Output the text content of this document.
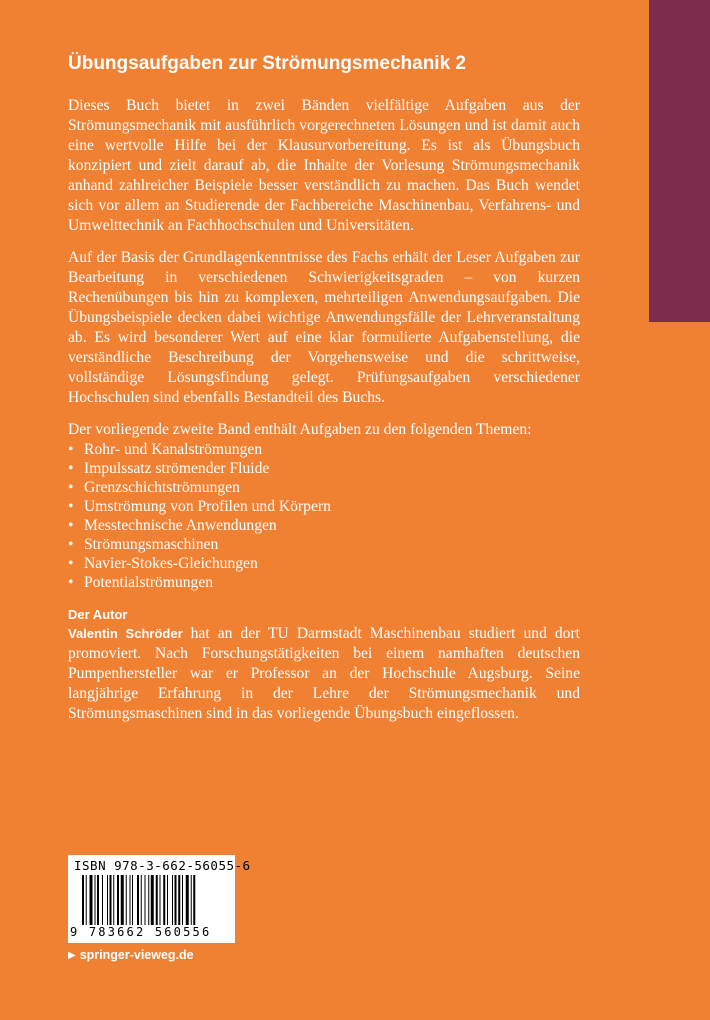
Übungsaufgaben zur Strömungsmechanik 2

Dieses Buch bietet in zwei Bänden vielfältige Aufgaben aus der Strömungsmechanik mit ausführlich vorgerechneten Lösungen und ist damit auch eine wertvolle Hilfe bei der Klausurvorbereitung. Es ist als Übungsbuch konzipiert und zielt darauf ab, die Inhalte der Vorlesung Strömungsmechanik anhand zahlreicher Beispiele besser verständlich zu machen. Das Buch wendet sich vor allem an Studierende der Fachbereiche Maschinenbau, Verfahrens- und Umwelttechnik an Fachhochschulen und Universitäten.

Auf der Basis der Grundlagenkenntnisse des Fachs erhält der Leser Aufgaben zur Bearbeitung in verschiedenen Schwierigkeitsgraden – von kurzen Rechenübungen bis hin zu komplexen, mehrteiligen Anwendungsaufgaben. Die Übungsbeispiele decken dabei wichtige Anwendungsfälle der Lehrveranstaltung ab. Es wird besonderer Wert auf eine klar formulierte Aufgabenstellung, die verständliche Beschreibung der Vorgehensweise und die schrittweise, vollständige Lösungsfindung gelegt. Prüfungsaufgaben verschiedener Hochschulen sind ebenfalls Bestandteil des Buchs.

Der vorliegende zweite Band enthält Aufgaben zu den folgenden Themen:

• Rohr- und Kanalströmungen
• Impulssatz strömender Fluide
• Grenzschichtströmungen
• Umströmung von Profilen und Körpern
• Messtechnische Anwendungen
• Strömungsmaschinen
• Navier-Stokes-Gleichungen
• Potentialströmungen
Der Autor

Valentin Schröder hat an der TU Darmstadt Maschinenbau studiert und dort promoviert. Nach Forschungstätigkeiten bei einem namhaften deutschen Pumpenhersteller war er Professor an der Hochschule Augsburg. Seine langjährige Erfahrung in der Lehre der Strömungsmechanik und Strömungsmaschinen sind in das vorliegende Übungsbuch eingeflossen.

ISBN 978-3-662-56055-6
9 783662 560556
▶ springer-vieweg.de
